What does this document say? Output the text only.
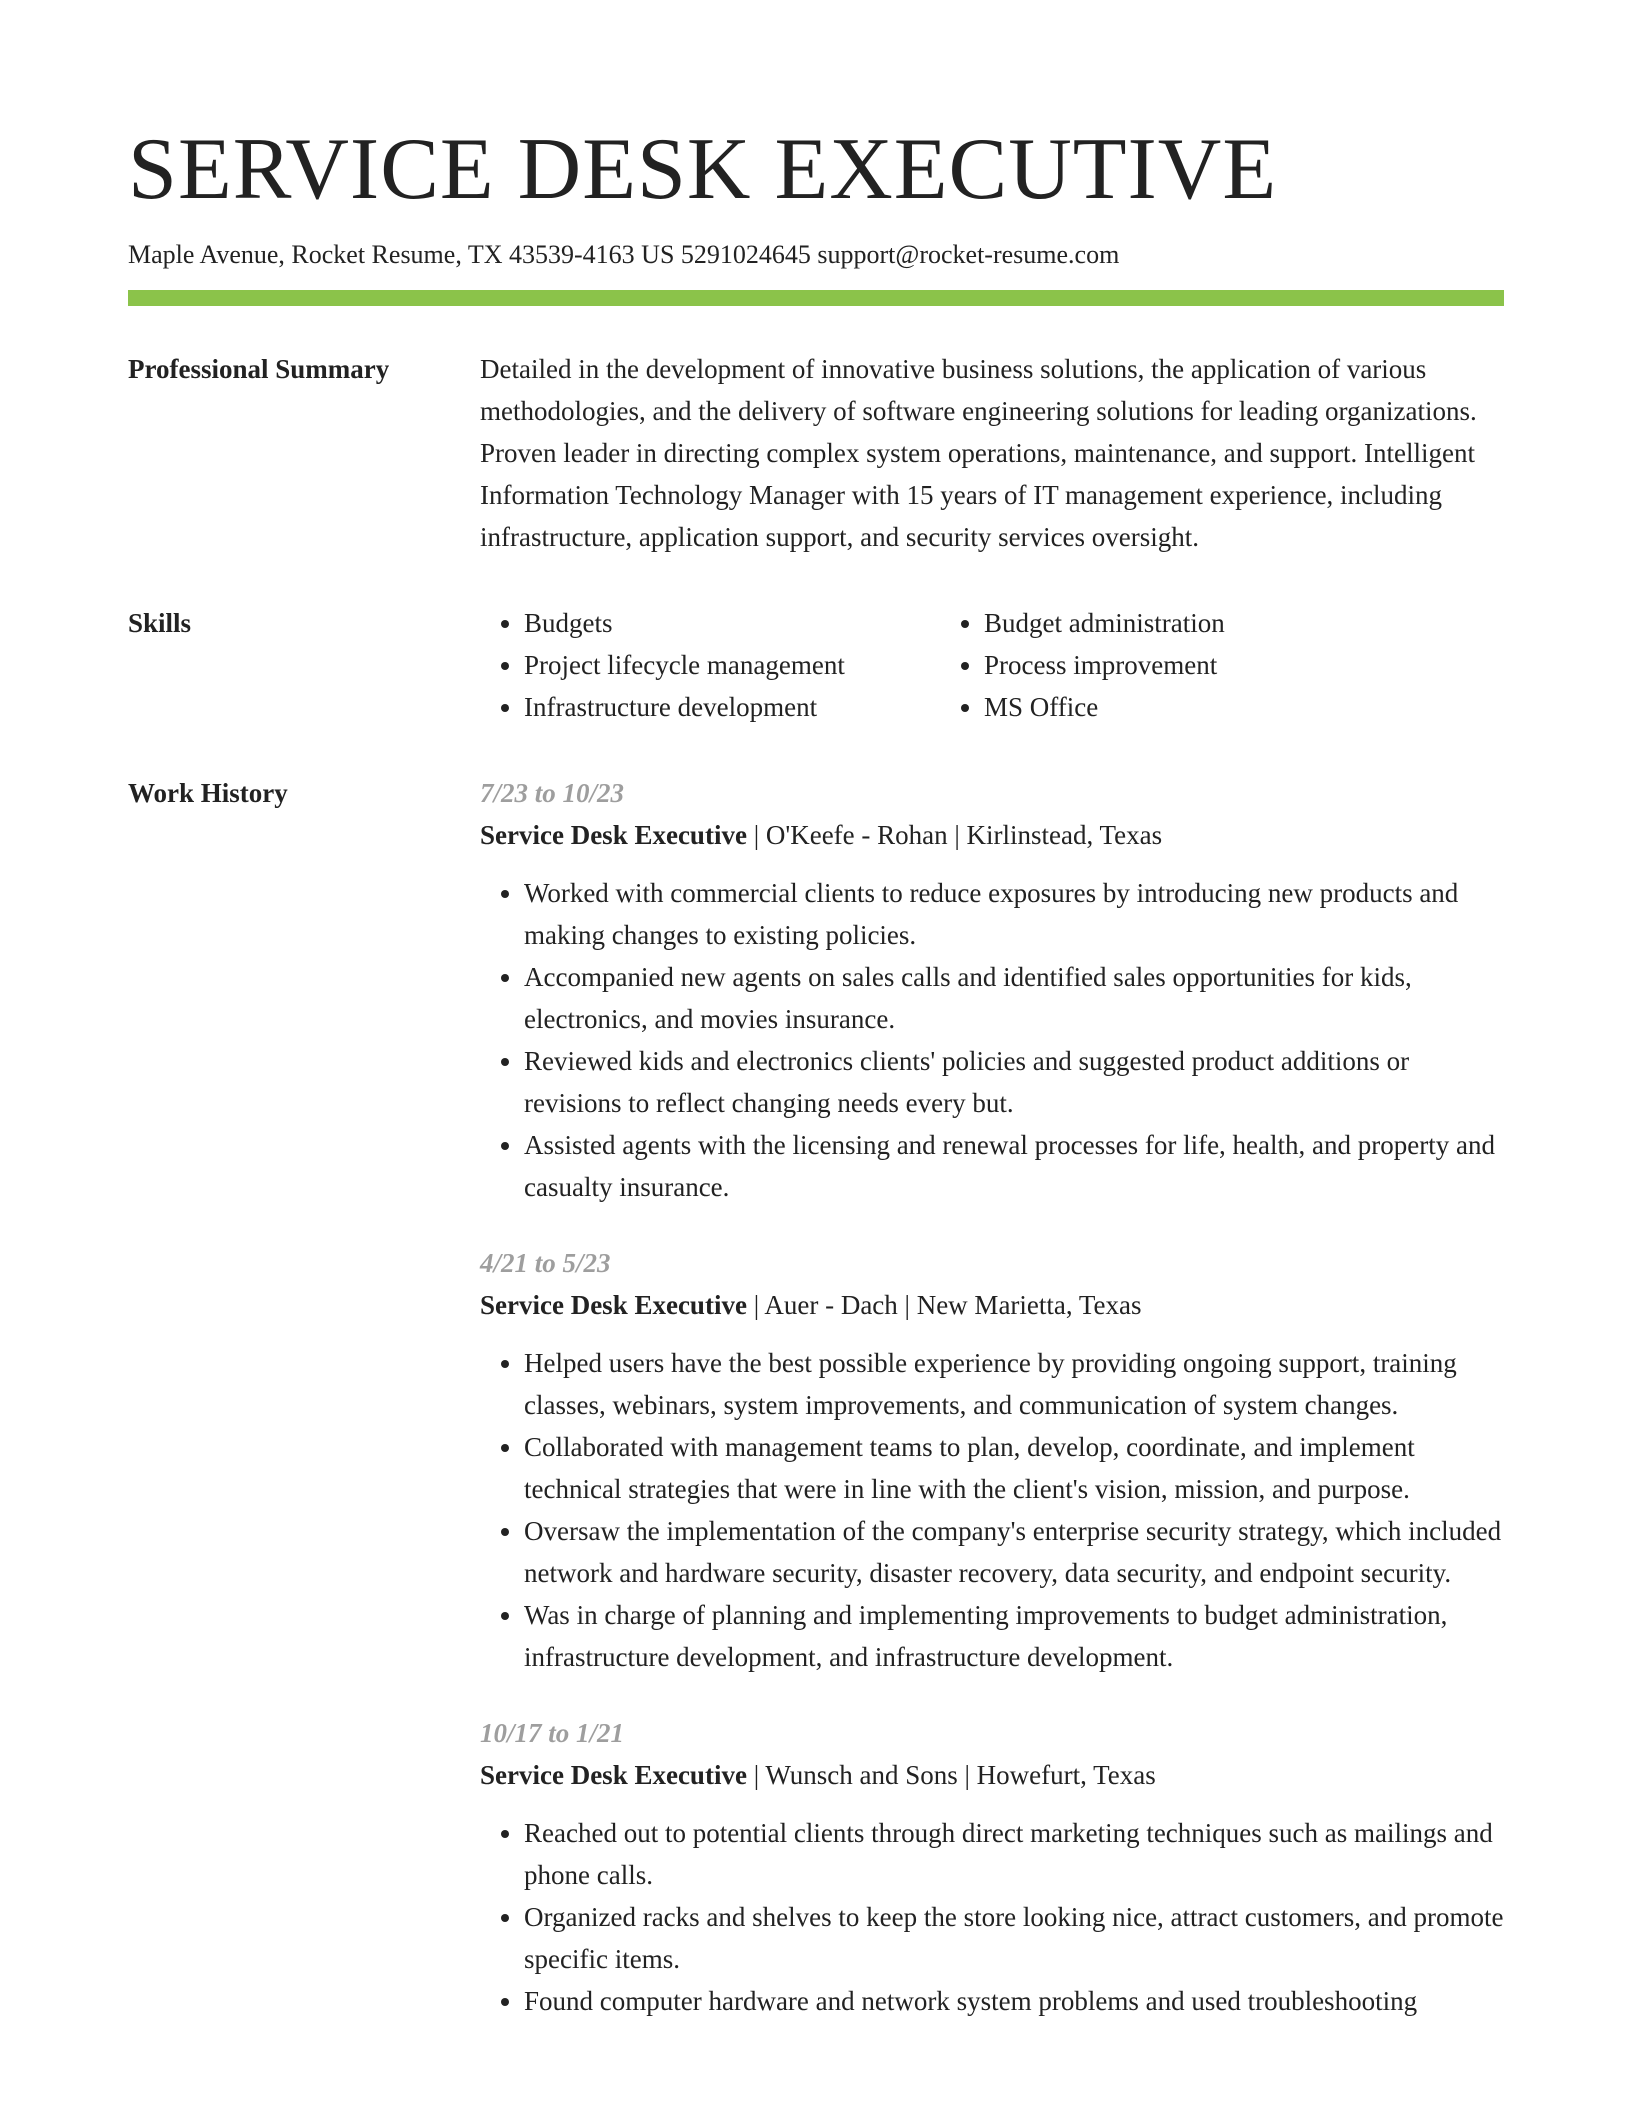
SERVICE DESK EXECUTIVE
Maple Avenue, Rocket Resume, TX 43539-4163 US 5291024645 support@rocket-resume.com
Professional Summary	Detailed in the development of innovative business solutions, the application of various methodologies, and the delivery of software engineering solutions for leading organizations. Proven leader in directing complex system operations, maintenance, and support. Intelligent Information Technology Manager with 15 years of IT management experience, including infrastructure, application support, and security services oversight.

Skills
•	Budgets
• Project lifecycle management
• Infrastructure development
• Budget administration
• Process improvement
• MS Office
Work History	7/23 to 10/23
Service Desk Executive | O'Keefe - Rohan | Kirlinstead, Texas
• Worked with commercial clients to reduce exposures by introducing new products and making changes to existing policies.
• Accompanied new agents on sales calls and identified sales opportunities for kids, electronics, and movies insurance.
• Reviewed kids and electronics clients' policies and suggested product additions or revisions to reflect changing needs every but.
• Assisted agents with the licensing and renewal processes for life, health, and property and casualty insurance.
4/21 to 5/23
Service Desk Executive | Auer - Dach | New Marietta, Texas
• Helped users have the best possible experience by providing ongoing support, training classes, webinars, system improvements, and communication of system changes.
• Collaborated with management teams to plan, develop, coordinate, and implement technical strategies that were in line with the client's vision, mission, and purpose.
• Oversaw the implementation of the company's enterprise security strategy, which included network and hardware security, disaster recovery, data security, and endpoint security.
• Was in charge of planning and implementing improvements to budget administration, infrastructure development, and infrastructure development.
10/17 to 1/21
Service Desk Executive | Wunsch and Sons | Howefurt, Texas
• Reached out to potential clients through direct marketing techniques such as mailings and phone calls.
• Organized racks and shelves to keep the store looking nice, attract customers, and promote specific items.
• Found computer hardware and network system problems and used troubleshooting
